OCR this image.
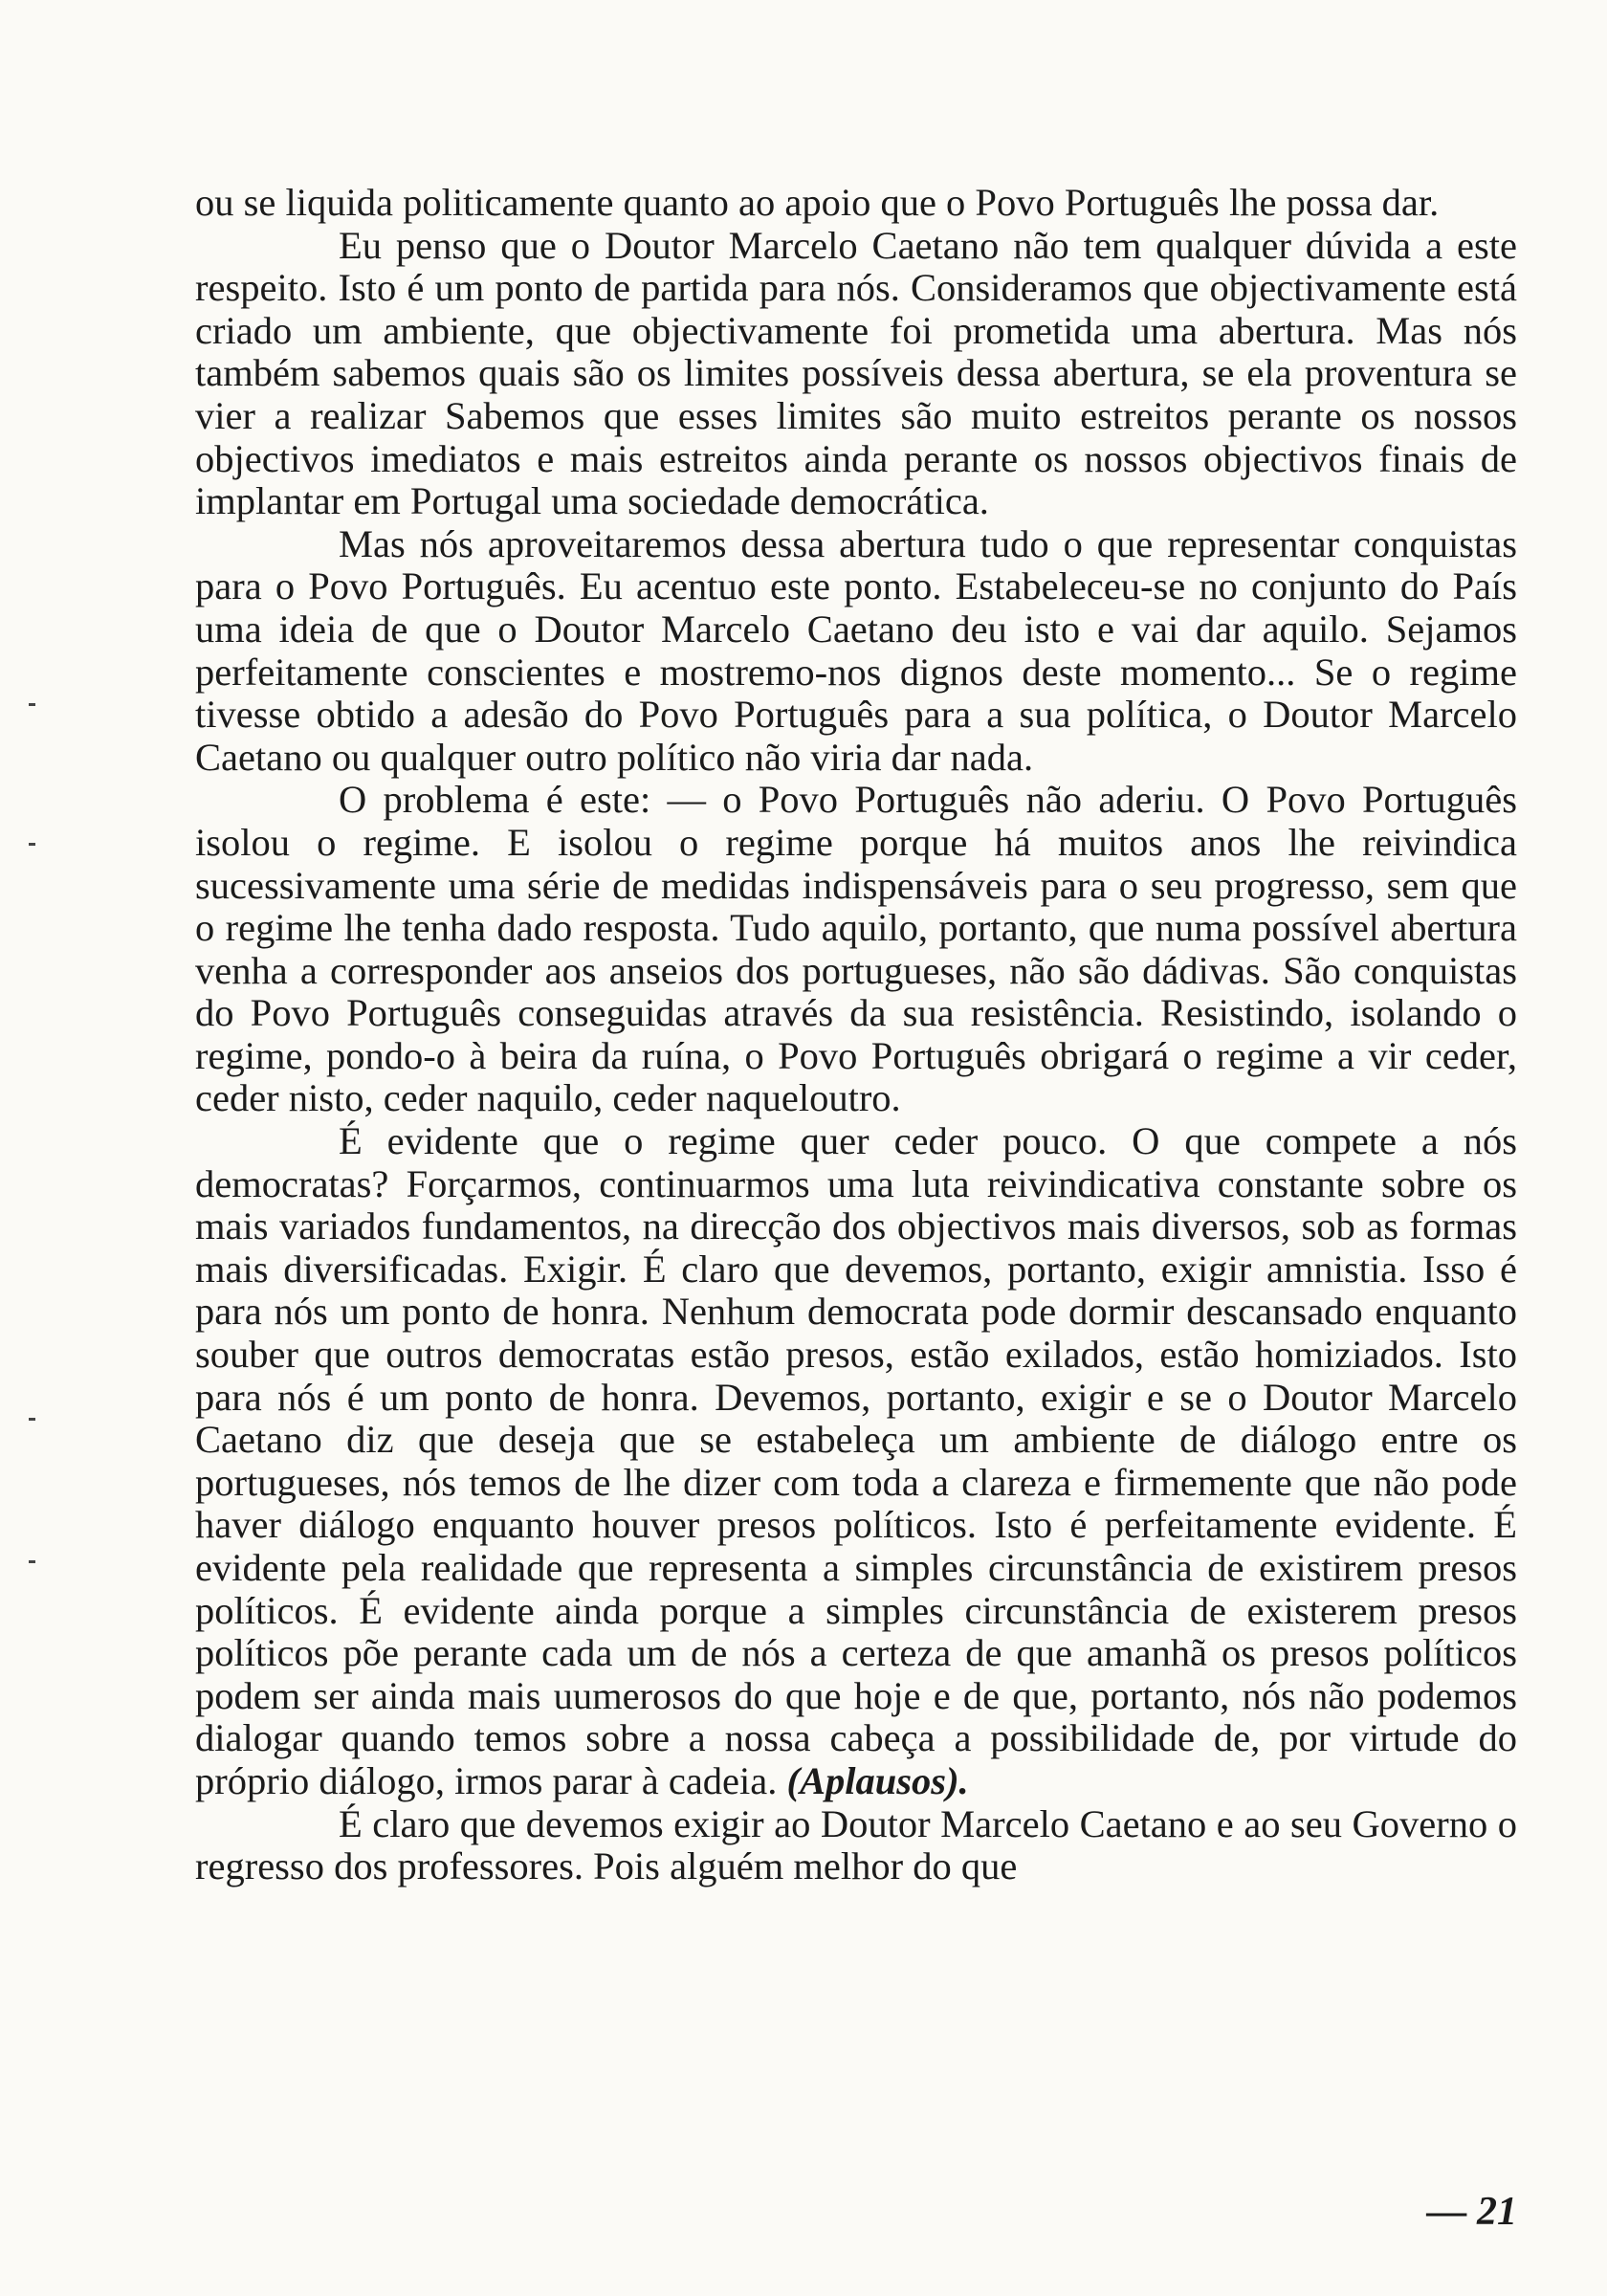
ou se liquida politicamente quanto ao apoio que o Povo Português lhe possa dar.

Eu penso que o Doutor Marcelo Caetano não tem qualquer dúvida a este respeito. Isto é um ponto de partida para nós. Consideramos que objectivamente está criado um ambiente, que objectivamente foi prometida uma abertura. Mas nós também sabemos quais são os limites possíveis dessa abertura, se ela proventura se vier a realizar Sabemos que esses limites são muito estreitos perante os nossos objectivos imediatos e mais estreitos ainda perante os nossos objectivos finais de implantar em Portugal uma sociedade democrática.

Mas nós aproveitaremos dessa abertura tudo o que representar conquistas para o Povo Português. Eu acentuo este ponto. Estabeleceu-se no conjunto do País uma ideia de que o Doutor Marcelo Caetano deu isto e vai dar aquilo. Sejamos perfeitamente conscientes e mostremo-nos dignos deste momento... Se o regime tivesse obtido a adesão do Povo Português para a sua política, o Doutor Marcelo Caetano ou qualquer outro político não viria dar nada.

O problema é este: — o Povo Português não aderiu. O Povo Português isolou o regime. E isolou o regime porque há muitos anos lhe reivindica sucessivamente uma série de medidas indispensáveis para o seu progresso, sem que o regime lhe tenha dado resposta. Tudo aquilo, portanto, que numa possível abertura venha a corresponder aos anseios dos portugueses, não são dádivas. São conquistas do Povo Português conseguidas através da sua resistência. Resistindo, isolando o regime, pondo-o à beira da ruína, o Povo Português obrigará o regime a vir ceder, ceder nisto, ceder naquilo, ceder naqueloutro.

É evidente que o regime quer ceder pouco. O que compete a nós democratas? Forçarmos, continuarmos uma luta reivindicativa constante sobre os mais variados fundamentos, na direcção dos objectivos mais diversos, sob as formas mais diversificadas. Exigir. É claro que devemos, portanto, exigir amnistia. Isso é para nós um ponto de honra. Nenhum democrata pode dormir descansado enquanto souber que outros democratas estão presos, estão exilados, estão homiziados. Isto para nós é um ponto de honra. Devemos, portanto, exigir e se o Doutor Marcelo Caetano diz que deseja que se estabeleça um ambiente de diálogo entre os portugueses, nós temos de lhe dizer com toda a clareza e firmemente que não pode haver diálogo enquanto houver presos políticos. Isto é perfeitamente evidente. É evidente pela realidade que representa a simples circunstância de existirem presos políticos. É evidente ainda porque a simples circunstância de existerem presos políticos põe perante cada um de nós a certeza de que amanhã os presos políticos podem ser ainda mais uumerosos do que hoje e de que, portanto, nós não podemos dialogar quando temos sobre a nossa cabeça a possibilidade de, por virtude do próprio diálogo, irmos parar à cadeia. (Aplausos).

É claro que devemos exigir ao Doutor Marcelo Caetano e ao seu Governo o regresso dos professores. Pois alguém melhor do que

— 21
